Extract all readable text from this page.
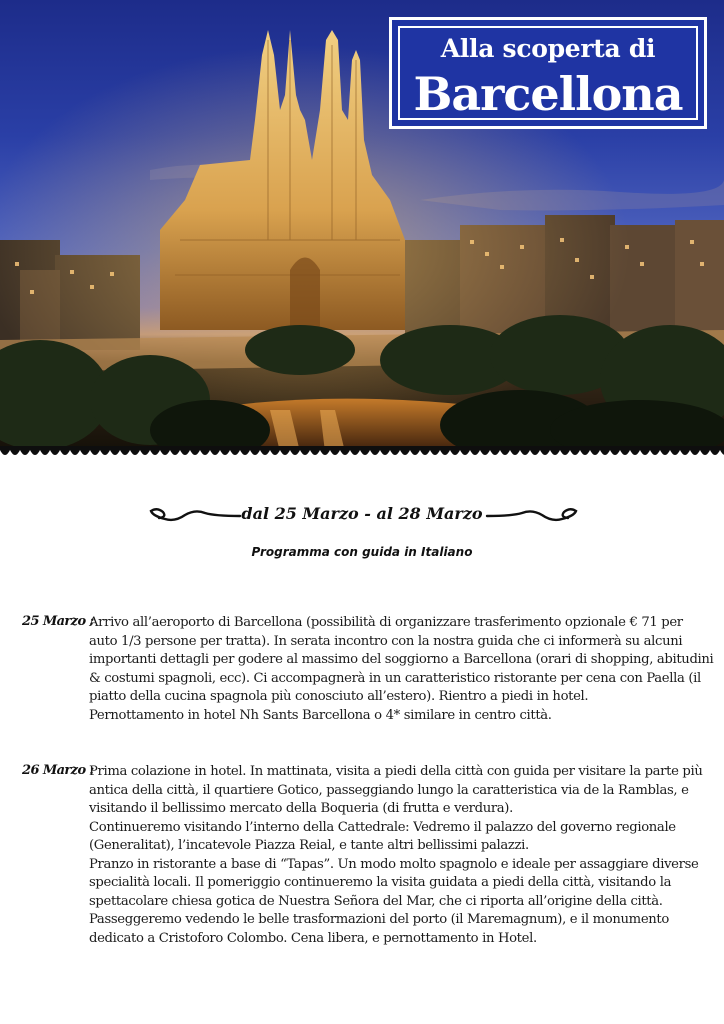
Alla scoperta di
Barcellona
dal 25 Marzo - al 28 Marzo
Programma con guida in Italiano
25 Marzo :

Arrivo all’aeroporto di Barcellona (possibilità di organizzare trasferimento opzionale € 71 per auto 1/3 persone per tratta). In serata incontro con la nostra guida che ci informerà su alcuni importanti dettagli per godere al massimo del soggiorno a Barcellona (orari di shopping, abitudini & costumi spagnoli, ecc). Ci accompagnerà in un caratteristico ristorante per cena con Paella (il piatto della cucina spagnola più conosciuto all’estero). Rientro a piedi in hotel.

Pernottamento in hotel Nh Sants Barcellona o 4* similare in centro città.

26 Marzo :

Prima colazione in hotel. In mattinata, visita a piedi della città con guida per visitare la parte più antica della città, il quartiere Gotico, passeggiando lungo la caratteristica via de la Ramblas, e visitando il bellissimo mercato della Boqueria (di frutta e verdura).

Continueremo visitando l’interno della Cattedrale: Vedremo il palazzo del governo regionale (Generalitat), l’incatevole Piazza Reial, e tante altri bellissimi palazzi.

Pranzo in ristorante a base di “Tapas”. Un modo molto spagnolo e ideale per assaggiare diverse specialità locali. Il pomeriggio continueremo la visita guidata a piedi della città, visitando la spettacolare chiesa gotica de Nuestra Señora del Mar, che ci riporta all’origine della città.

Passeggeremo vedendo le belle trasformazioni del porto (il Maremagnum), e il monumento dedicato a Cristoforo Colombo. Cena libera, e pernottamento in Hotel.
